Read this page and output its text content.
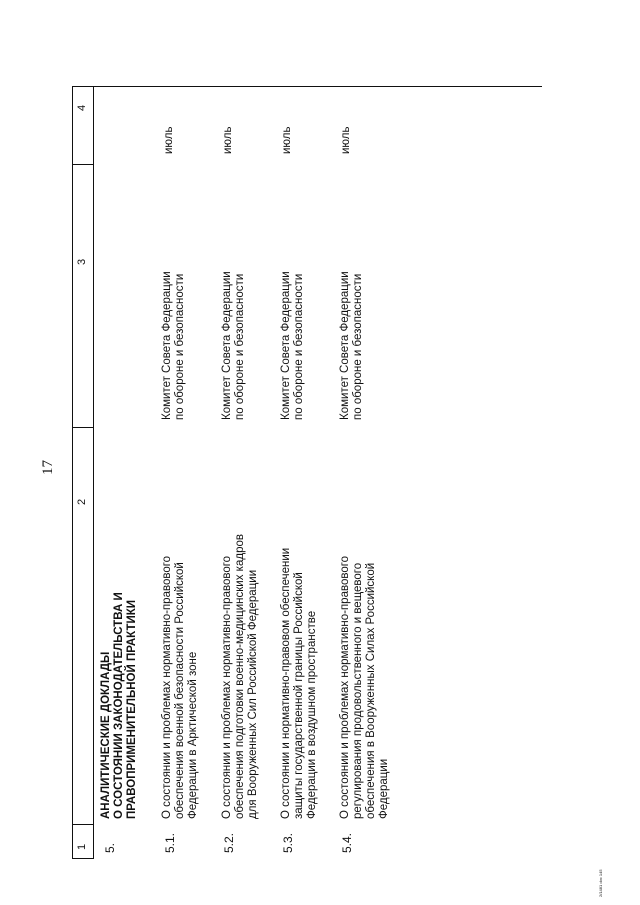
17
1
2
3
4
5.
АНАЛИТИЧЕСКИЕ ДОКЛАДЫ О СОСТОЯНИИ ЗАКОНОДАТЕЛЬСТВА И ПРАВОПРИМЕНИТЕЛЬНОЙ ПРАКТИКИ
5.1.
О состоянии и проблемах нормативно-правового обеспечения военной безопасности Российской Федерации в Арктической зоне
Комитет Совета Федерации по обороне и безопасности
июль
5.2.
О состоянии и проблемах нормативно-правового обеспечения подготовки военно-медицинских кадров для Вооруженных Сил Российской Федерации
Комитет Совета Федерации по обороне и безопасности
июль
5.3.
О состоянии и нормативно-правовом обеспечении защиты государственной границы Российской Федерации в воздушном пространстве
Комитет Совета Федерации по обороне и безопасности
июль
5.4.
О состоянии и проблемах нормативно-правового регулирования продовольственного и вещевого обеспечения в Вооруженных Силах Российской Федерации
Комитет Совета Федерации по обороне и безопасности
июль
2/1481 doc 145
